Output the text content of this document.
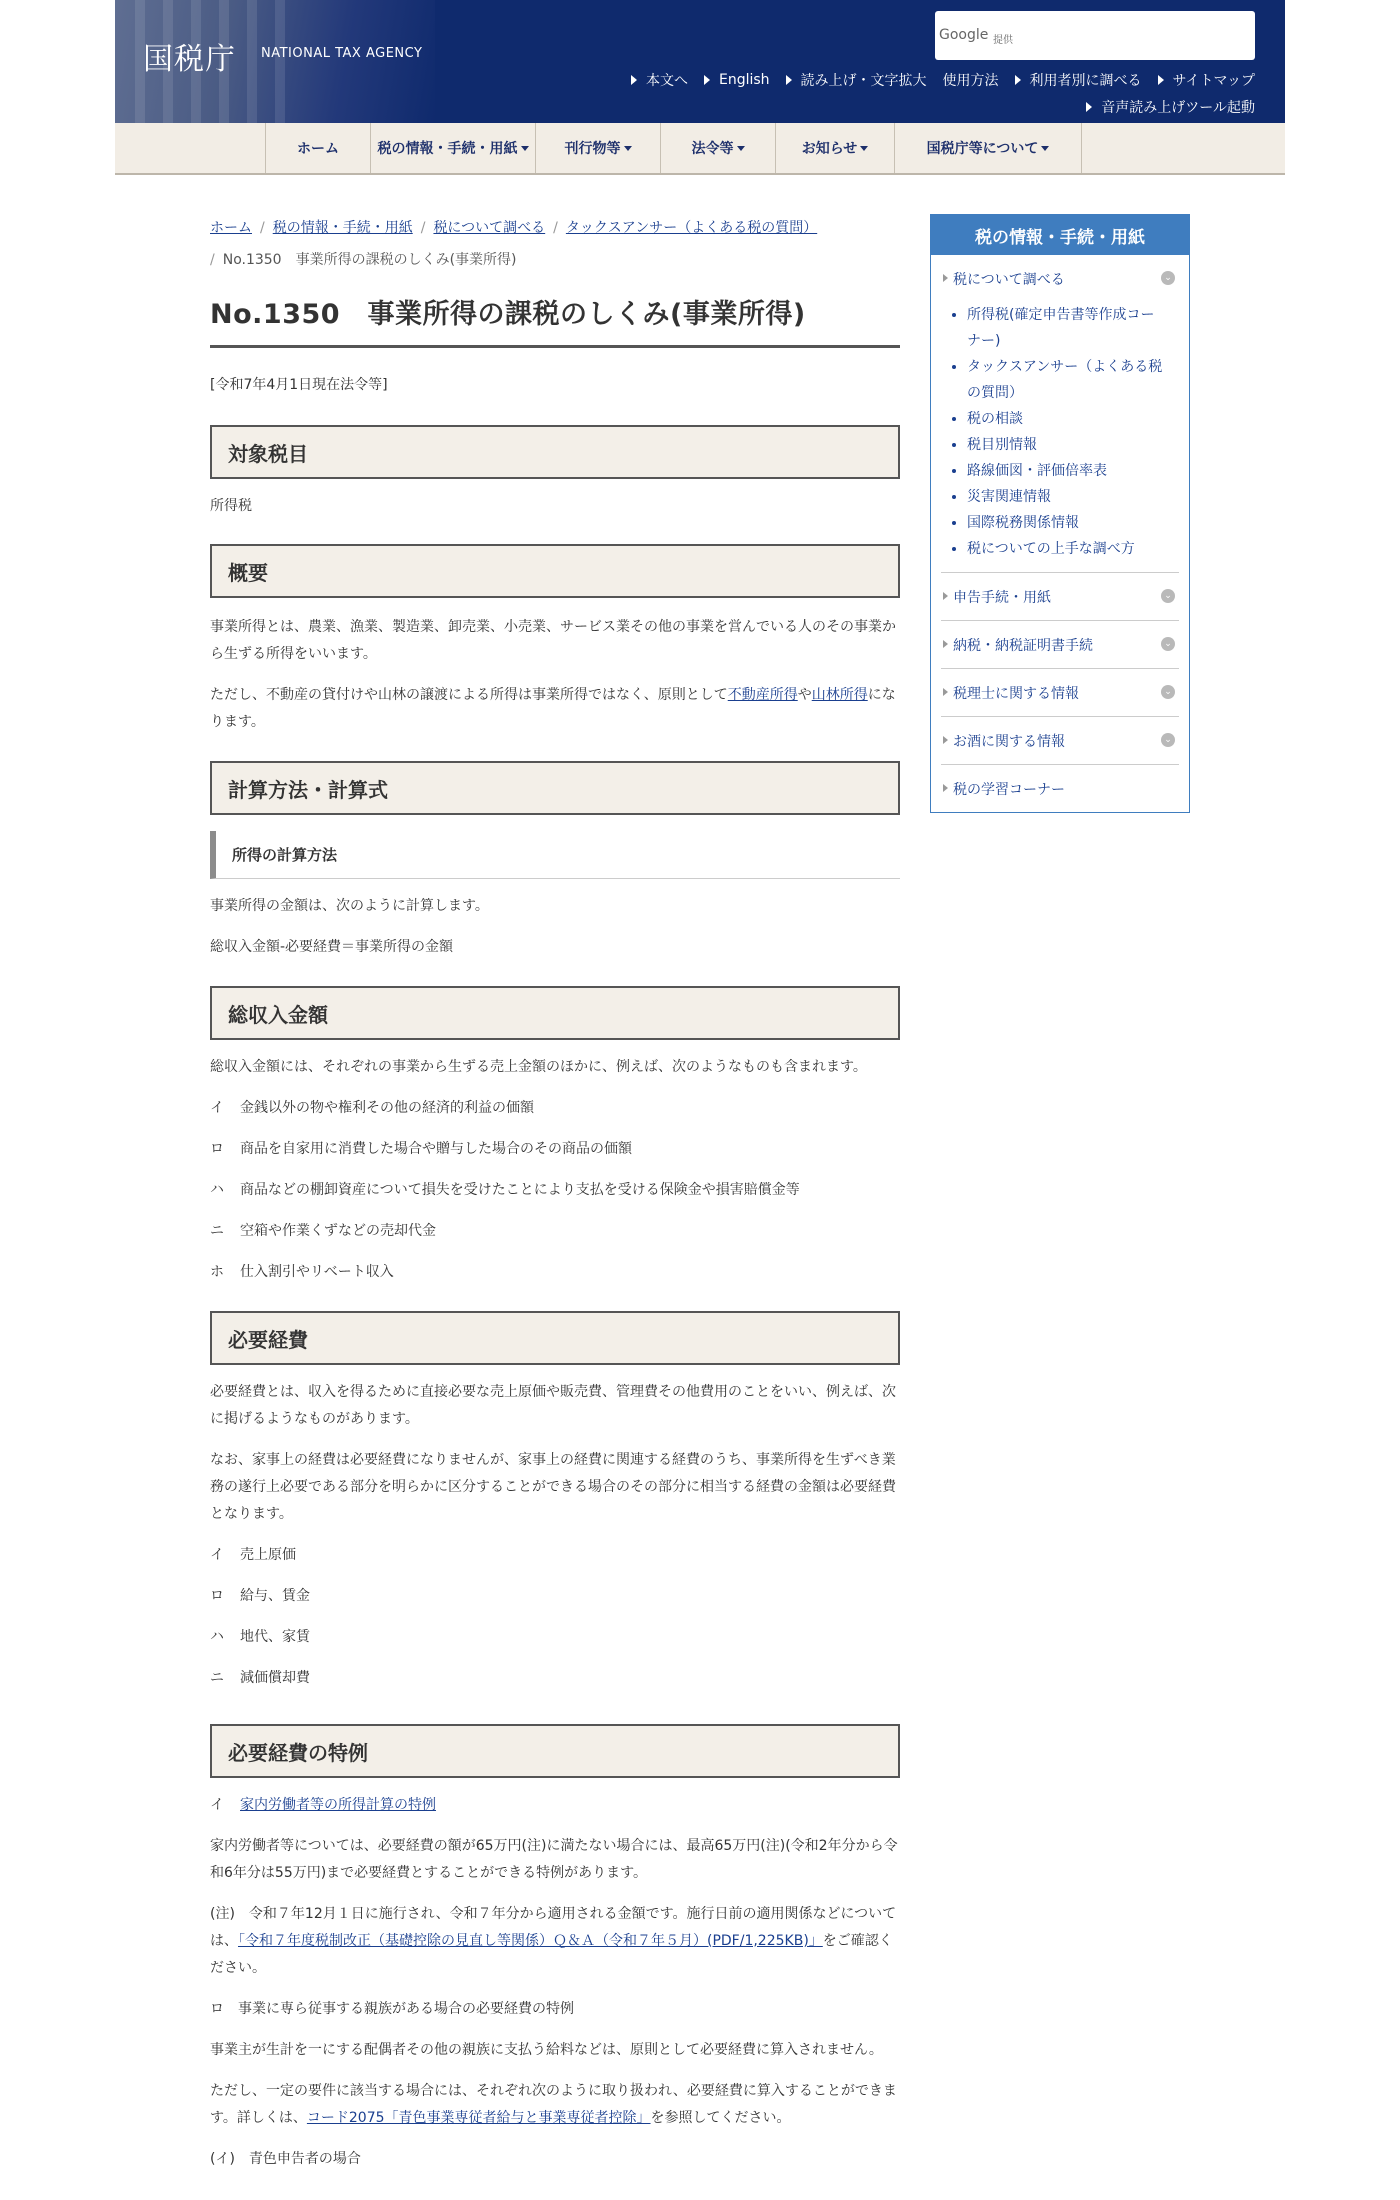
国税庁 NATIONAL TAX AGENCY
Google 提供
本文へ English 読み上げ・文字拡大 使用方法 利用者別に調べる サイトマップ
音声読み上げツール起動
ホーム	税の情報・手続・用紙	刊行物等	法令等	お知らせ	国税庁等について
ホーム / 税の情報・手続・用紙 / 税について調べる / タックスアンサー（よくある税の質問）
/ No.1350　事業所得の課税のしくみ(事業所得)
No.1350　事業所得の課税のしくみ(事業所得)
[令和7年4月1日現在法令等]
対象税目

所得税

概要

事業所得とは、農業、漁業、製造業、卸売業、小売業、サービス業その他の事業を営んでいる人のその事業から生ずる所得をいいます。

ただし、不動産の貸付けや山林の譲渡による所得は事業所得ではなく、原則として不動産所得や山林所得になります。

計算方法・計算式
所得の計算方法

事業所得の金額は、次のように計算します。

総収入金額-必要経費＝事業所得の金額

総収入金額

総収入金額には、それぞれの事業から生ずる売上金額のほかに、例えば、次のようなものも含まれます。

イ 金銭以外の物や権利その他の経済的利益の価額
ロ 商品を自家用に消費した場合や贈与した場合のその商品の価額
ハ 商品などの棚卸資産について損失を受けたことにより支払を受ける保険金や損害賠償金等
ニ 空箱や作業くずなどの売却代金
ホ 仕入割引やリベート収入
必要経費

必要経費とは、収入を得るために直接必要な売上原価や販売費、管理費その他費用のことをいい、例えば、次に掲げるようなものがあります。

なお、家事上の経費は必要経費になりませんが、家事上の経費に関連する経費のうち、事業所得を生ずべき業務の遂行上必要である部分を明らかに区分することができる場合のその部分に相当する経費の金額は必要経費となります。

イ 売上原価
ロ 給与、賃金
ハ 地代、家賃
ニ 減価償却費
必要経費の特例
イ 家内労働者等の所得計算の特例

家内労働者等については、必要経費の額が65万円(注)に満たない場合には、最高65万円(注)(令和2年分から令和6年分は55万円)まで必要経費とすることができる特例があります。

(注)　令和７年12月１日に施行され、令和７年分から適用される金額です。施行日前の適用関係などについては、「令和７年度税制改正（基礎控除の見直し等関係）Ｑ＆Ａ（令和７年５月）(PDF/1,225KB)」をご確認ください。

ロ　事業に専ら従事する親族がある場合の必要経費の特例

事業主が生計を一にする配偶者その他の親族に支払う給料などは、原則として必要経費に算入されません。

ただし、一定の要件に該当する場合には、それぞれ次のように取り扱われ、必要経費に算入することができます。詳しくは、コード2075「青色事業専従者給与と事業専従者控除」を参照してください。

(イ)　青色申告者の場合

税の情報・手続・用紙
税について調べる	⌄
• 所得税(確定申告書等作成コーナー)
• タックスアンサー（よくある税の質問）
• 税の相談
• 税目別情報
• 路線価図・評価倍率表
• 災害関連情報
• 国際税務関係情報
• 税についての上手な調べ方
申告手続・用紙	⌄
納税・納税証明書手続	⌄
税理士に関する情報	⌄
お酒に関する情報	⌄
税の学習コーナー
